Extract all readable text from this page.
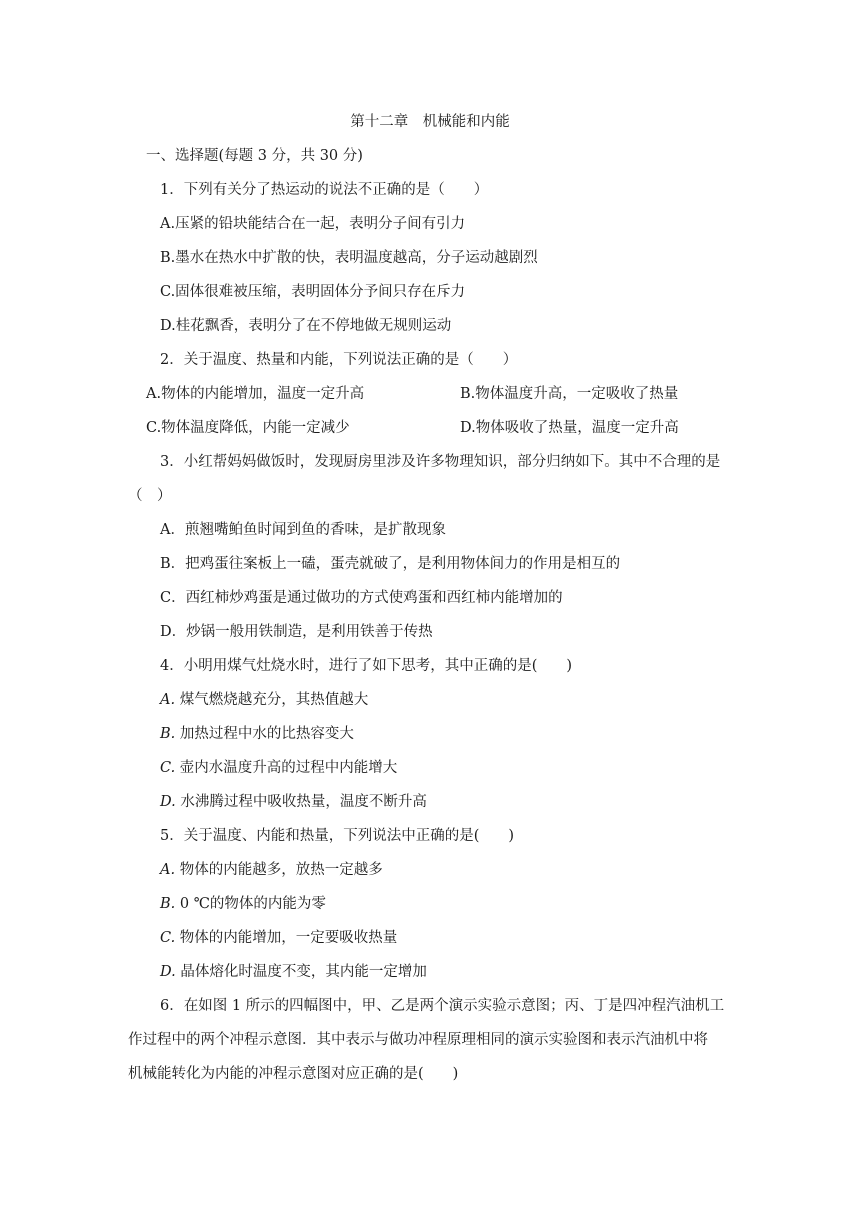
第十二章　机械能和内能
一、选择题(每题 3 分，共 30 分)
1．下列有关分了热运动的说法不正确的是（　　）
A.压紧的铅块能结合在一起，表明分子间有引力
B.墨水在热水中扩散的快，表明温度越高，分子运动越剧烈
C.固体很难被压缩，表明固体分予间只存在斥力
D.桂花飘香，表明分了在不停地做无规则运动
2．关于温度、热量和内能，下列说法正确的是（　　）
A.物体的内能增加，温度一定升高	B.物体温度升高，一定吸收了热量
C.物体温度降低，内能一定减少	D.物体吸收了热量，温度一定升高
3．小红帮妈妈做饭时，发现厨房里涉及许多物理知识，部分归纳如下。其中不合理的是
（　）
A．煎翘嘴鲌鱼时闻到鱼的香味，是扩散现象
B．把鸡蛋往案板上一磕，蛋壳就破了，是利用物体间力的作用是相互的
C．西红柿炒鸡蛋是通过做功的方式使鸡蛋和西红柿内能增加的
D．炒锅一般用铁制造，是利用铁善于传热
4．小明用煤气灶烧水时，进行了如下思考，其中正确的是(　　)
A. 煤气燃烧越充分，其热值越大
B. 加热过程中水的比热容变大
C. 壶内水温度升高的过程中内能增大
D. 水沸腾过程中吸收热量，温度不断升高
5．关于温度、内能和热量，下列说法中正确的是(　　)
A. 物体的内能越多，放热一定越多
B. 0 ℃的物体的内能为零
C. 物体的内能增加，一定要吸收热量
D. 晶体熔化时温度不变，其内能一定增加
6．在如图 1 所示的四幅图中，甲、乙是两个演示实验示意图；丙、丁是四冲程汽油机工
作过程中的两个冲程示意图．其中表示与做功冲程原理相同的演示实验图和表示汽油机中将
机械能转化为内能的冲程示意图对应正确的是(　　)
